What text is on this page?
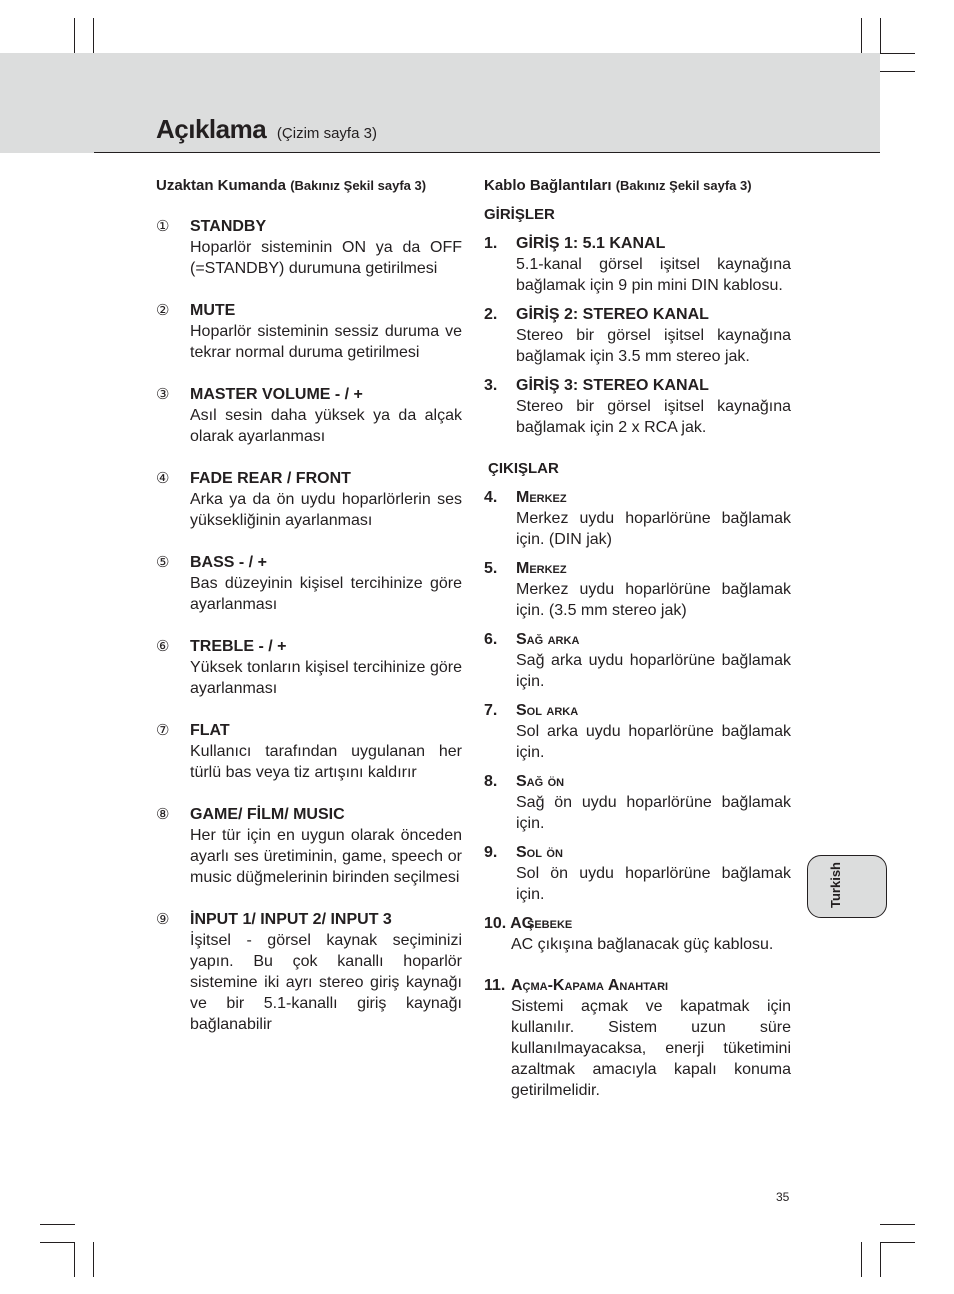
Açıklama (Çizim sayfa 3)
Uzaktan Kumanda (Bakınız Şekil sayfa 3)
① STANDBY
Hoparlör sisteminin ON ya da OFF (=STANDBY) durumuna getirilmesi
② MUTE
Hoparlör sisteminin sessiz duruma ve tekrar normal duruma getirilmesi
③ MASTER VOLUME - / +
Asıl sesin daha yüksek ya da alçak olarak ayarlanması
④ FADE REAR / FRONT
Arka ya da ön uydu hoparlörlerin ses yüksekliğinin ayarlanması
⑤ BASS - / +
Bas düzeyinin kişisel tercihinize göre ayarlanması
⑥ TREBLE - / +
Yüksek tonların kişisel tercihinize göre ayarlanması
⑦ FLAT
Kullanıcı tarafından uygulanan her türlü bas veya tiz artışını kaldırır
⑧ GAME/ FİLM/ MUSIC
Her tür için en uygun olarak önceden ayarlı ses üretiminin, game, speech or music düğmelerinin birinden seçilmesi
⑨ İNPUT 1/ INPUT 2/ INPUT 3
İşitsel - görsel kaynak seçiminizi yapın. Bu çok kanallı hoparlör sistemine iki ayrı stereo giriş kaynağı ve bir 5.1-kanallı giriş kaynağı bağlanabilir
Kablo Bağlantıları (Bakınız Şekil sayfa 3)
GİRİŞLER
1. GİRİŞ 1: 5.1 KANAL
5.1-kanal görsel işitsel kaynağına bağlamak için 9 pin mini DIN kablosu.
2. GİRİŞ 2: STEREO KANAL
Stereo bir görsel işitsel kaynağına bağlamak için 3.5 mm stereo jak.
3. GİRİŞ 3: STEREO KANAL
Stereo bir görsel işitsel kaynağına bağlamak için 2 x RCA jak.
ÇIKIŞLAR
4. Merkez
Merkez uydu hoparlörüne bağlamak için. (DIN jak)
5. Merkez
Merkez uydu hoparlörüne bağlamak için. (3.5 mm stereo jak)
6. Sağ arka
Sağ arka uydu hoparlörüne bağlamak için.
7. Sol arka
Sol arka uydu hoparlörüne bağlamak için.
8. Sağ ön
Sağ ön uydu hoparlörüne bağlamak için.
9. Sol ön
Sol ön uydu hoparlörüne bağlamak için.
10. AC
şebeke
AC çıkışına bağlanacak güç kablosu.
11. Açma-Kapama Anahtari
Sistemi açmak ve kapatmak için kullanılır. Sistem uzun süre kullanılmayacaksa, enerji tüketimini azaltmak amacıyla kapalı konuma getirilmelidir.
Turkish
35
